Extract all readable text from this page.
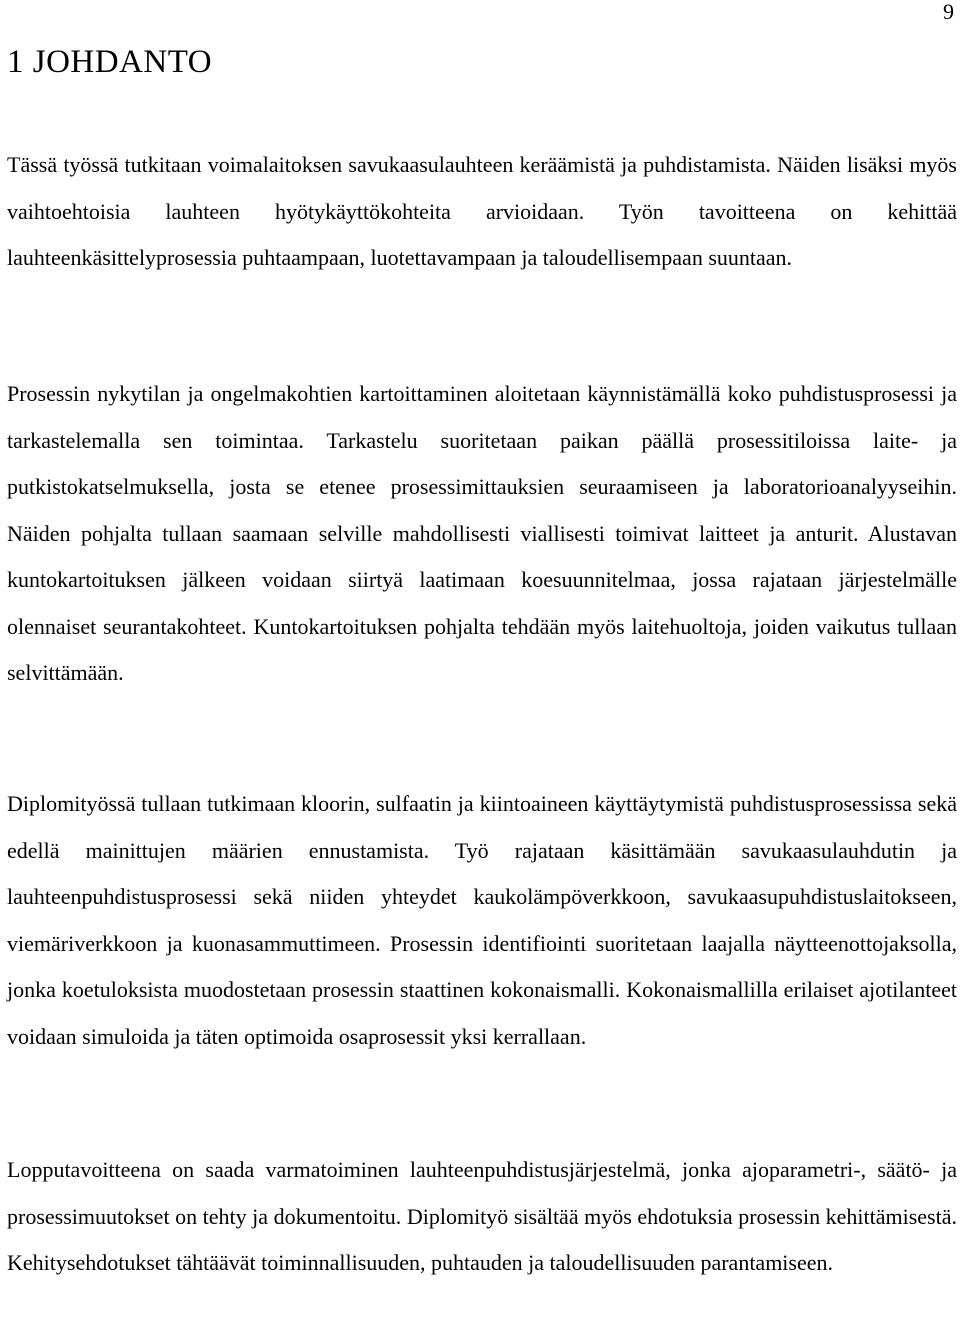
9
1 JOHDANTO

Tässä työssä tutkitaan voimalaitoksen savukaasulauhteen keräämistä ja puhdistamista. Näiden lisäksi myös vaihtoehtoisia lauhteen hyötykäyttökohteita arvioidaan. Työn tavoitteena on kehittää lauhteenkäsittelyprosessia puhtaampaan, luotettavampaan ja taloudellisempaan suuntaan.

Prosessin nykytilan ja ongelmakohtien kartoittaminen aloitetaan käynnistämällä koko puhdistusprosessi ja tarkastelemalla sen toimintaa. Tarkastelu suoritetaan paikan päällä prosessitiloissa laite- ja putkistokatselmuksella, josta se etenee prosessimittauksien seuraamiseen ja laboratorioanalyyseihin. Näiden pohjalta tullaan saamaan selville mahdollisesti viallisesti toimivat laitteet ja anturit. Alustavan kuntokartoituksen jälkeen voidaan siirtyä laatimaan koesuunnitelmaa, jossa rajataan järjestelmälle olennaiset seurantakohteet. Kuntokartoituksen pohjalta tehdään myös laitehuoltoja, joiden vaikutus tullaan selvittämään.

Diplomityössä tullaan tutkimaan kloorin, sulfaatin ja kiintoaineen käyttäytymistä puhdistusprosessissa sekä edellä mainittujen määrien ennustamista. Työ rajataan käsittämään savukaasulauhdutin ja lauhteenpuhdistusprosessi sekä niiden yhteydet kaukolämpöverkkoon, savukaasupuhdistuslaitokseen, viemäriverkkoon ja kuonasammuttimeen. Prosessin identifiointi suoritetaan laajalla näytteenottojaksolla, jonka koetuloksista muodostetaan prosessin staattinen kokonaismalli. Kokonaismallilla erilaiset ajotilanteet voidaan simuloida ja täten optimoida osaprosessit yksi kerrallaan.

Lopputavoitteena on saada varmatoiminen lauhteenpuhdistusjärjestelmä, jonka ajoparametri-, säätö- ja prosessimuutokset on tehty ja dokumentoitu. Diplomityö sisältää myös ehdotuksia prosessin kehittämisestä. Kehitysehdotukset tähtäävät toiminnallisuuden, puhtauden ja taloudellisuuden parantamiseen.
